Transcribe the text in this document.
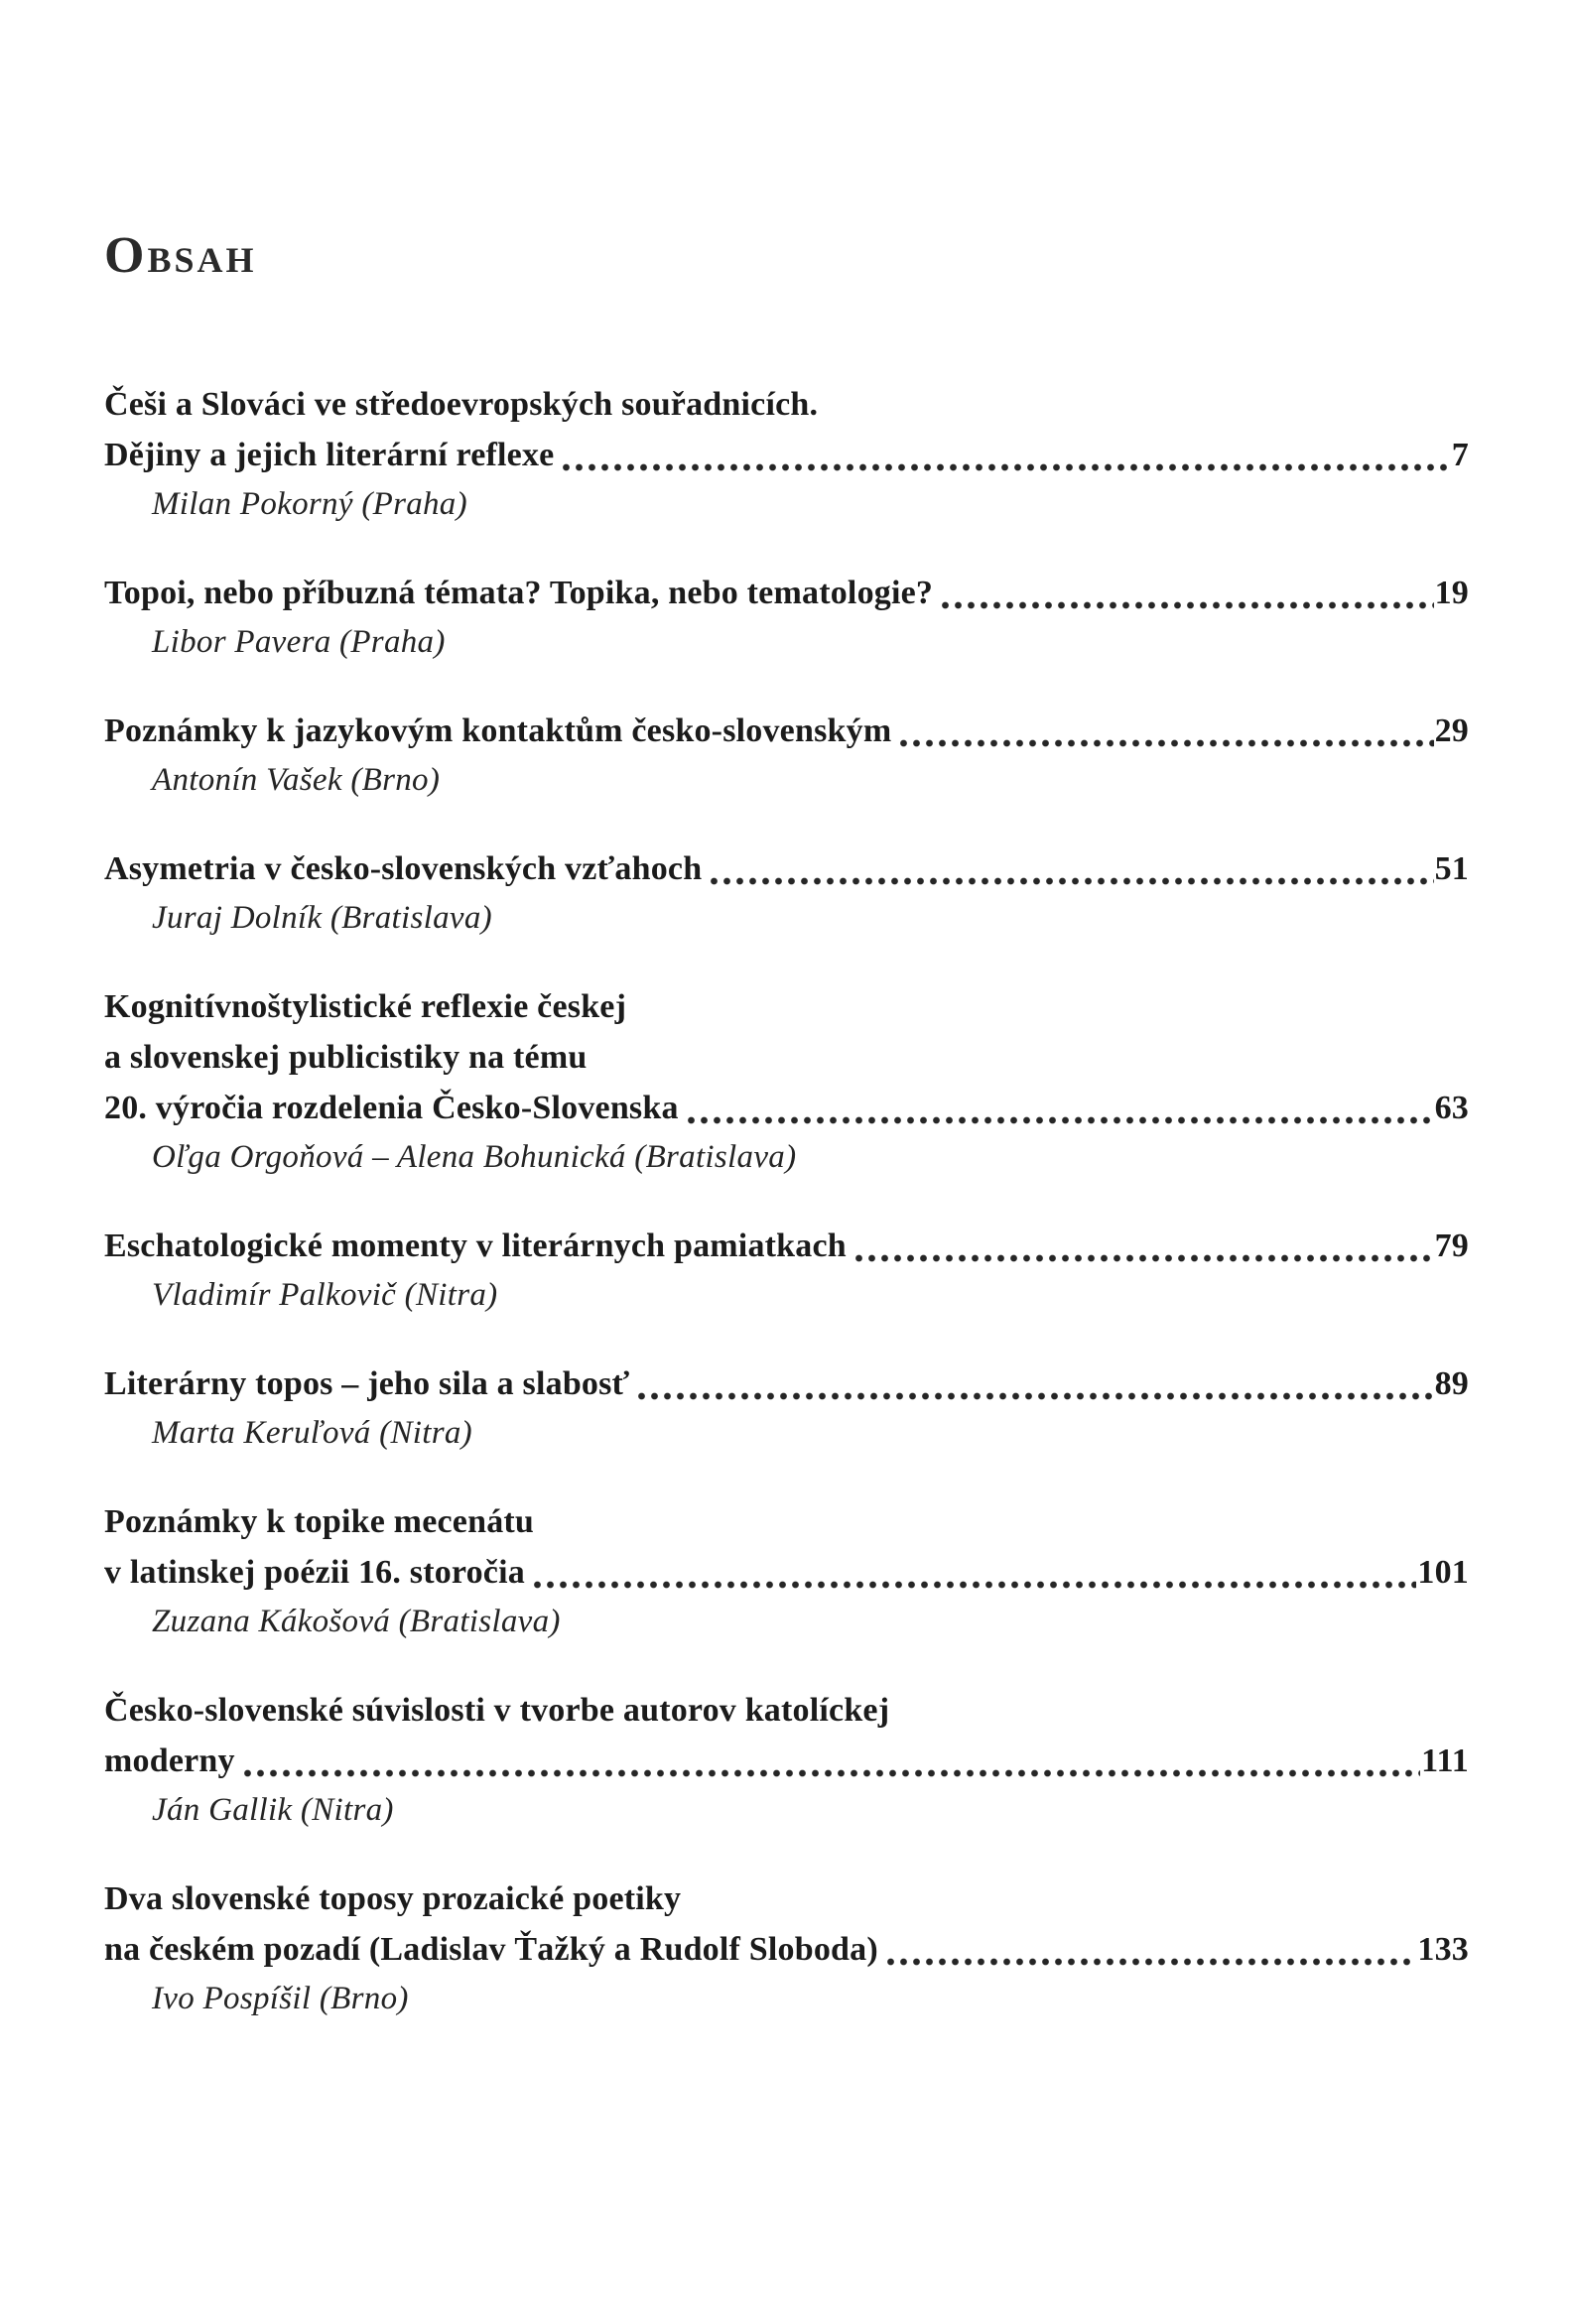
Obsah
Češi a Slováci ve středoevropských souřadnicích.
Dějiny a jejich literární reflexe	7
Milan Pokorný (Praha)
Topoi, nebo příbuzná témata? Topika, nebo tematologie?	19
Libor Pavera (Praha)
Poznámky k jazykovým kontaktům česko-slovenským	29
Antonín Vašek (Brno)
Asymetria v česko-slovenských vzťahoch	51
Juraj Dolník (Bratislava)
Kognitívnoštylistické reflexie českej
a slovenskej publicistiky na tému
20. výročia rozdelenia Česko-Slovenska	63
Oľga Orgoňová – Alena Bohunická (Bratislava)
Eschatologické momenty v literárnych pamiatkach	79
Vladimír Palkovič (Nitra)
Literárny topos – jeho sila a slabosť	89
Marta Keruľová (Nitra)
Poznámky k topike mecenátu
v latinskej poézii 16. storočia	101
Zuzana Kákošová (Bratislava)
Česko-slovenské súvislosti v tvorbe autorov katolíckej
moderny	111
Ján Gallik (Nitra)
Dva slovenské toposy prozaické poetiky
na českém pozadí (Ladislav Ťažký a Rudolf Sloboda)	133
Ivo Pospíšil (Brno)
